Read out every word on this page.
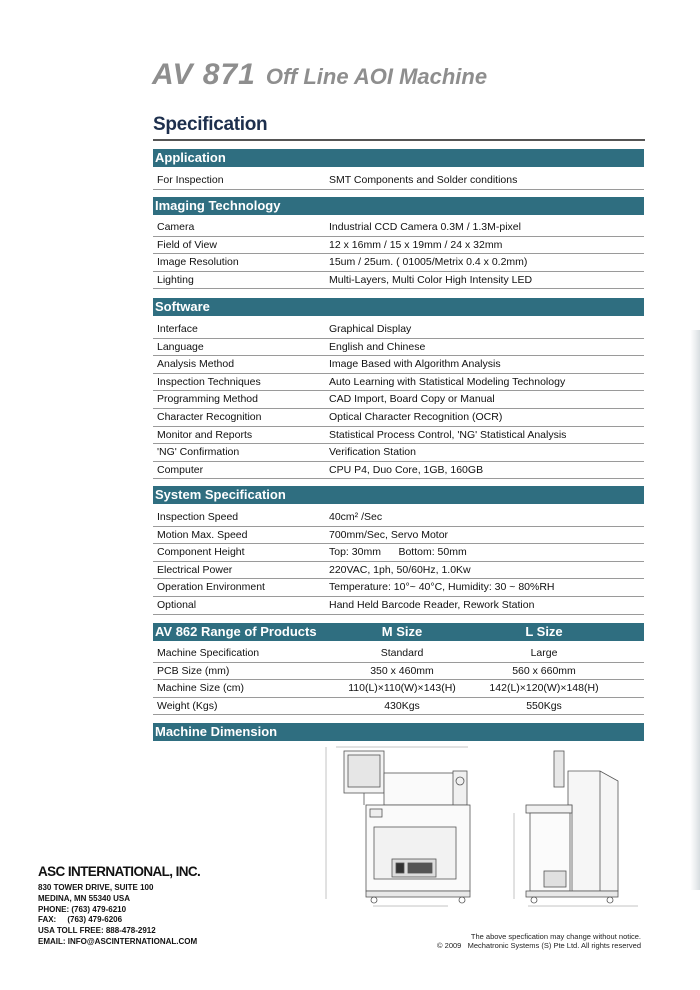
AV 871 Off Line AOI Machine
Specification
Application
For Inspection	SMT Components and Solder conditions
Imaging Technology
Camera	Industrial CCD Camera 0.3M / 1.3M-pixel
Field of View	12 x 16mm / 15 x 19mm / 24 x 32mm
Image Resolution	15um / 25um. ( 01005/Metrix 0.4 x 0.2mm)
Lighting	Multi-Layers, Multi Color High Intensity LED
Software
Interface	Graphical Display
Language	English and Chinese
Analysis Method	Image Based with Algorithm Analysis
Inspection Techniques	Auto Learning with Statistical Modeling Technology
Programming Method	CAD Import, Board Copy or Manual
Character Recognition	Optical Character Recognition (OCR)
Monitor and Reports	Statistical Process Control, 'NG' Statistical Analysis
'NG' Confirmation	Verification Station
Computer	CPU P4, Duo Core, 1GB, 160GB
System Specification
Inspection Speed	40cm² /Sec
Motion Max. Speed	700mm/Sec, Servo Motor
Component Height	Top: 30mm      Bottom: 50mm
Electrical Power	220VAC, 1ph, 50/60Hz, 1.0Kw
Operation Environment	Temperature: 10°~ 40°C, Humidity: 30 ~ 80%RH
Optional	Hand Held Barcode Reader, Rework Station
AV 862 Range of Products	M Size	L Size
Machine Specification	Standard	Large
PCB Size (mm)	350 x 460mm	560 x 660mm
Machine Size (cm)	110(L)×110(W)×143(H)	142(L)×120(W)×148(H)
Weight (Kgs)	430Kgs	550Kgs
Machine Dimension
ASC INTERNATIONAL, INC.
830 TOWER DRIVE, SUITE 100
MEDINA, MN 55340 USA
PHONE: (763) 479-6210
FAX:     (763) 479-6206
USA TOLL FREE: 888-478-2912
EMAIL: INFO@ASCINTERNATIONAL.COM
The above specfication may change without notice.
© 2009   Mechatronic Systems (S) Pte Ltd. All rights reserved
